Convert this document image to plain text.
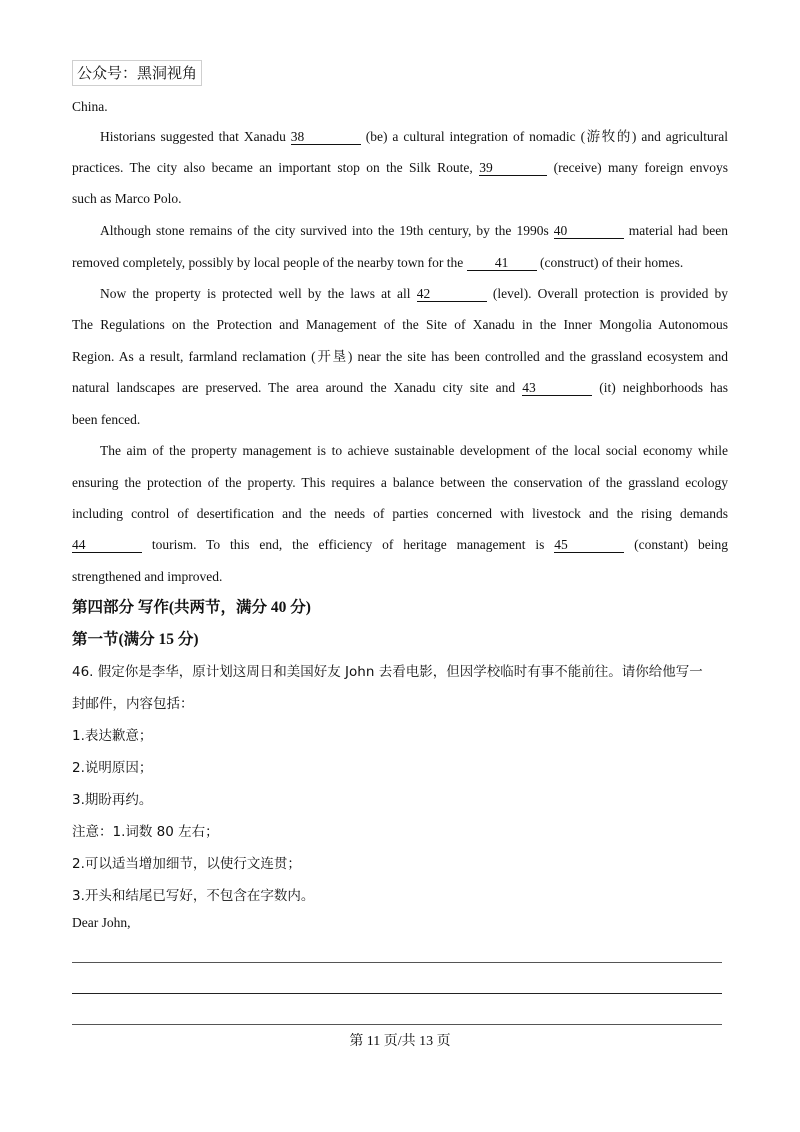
公众号：黑洞视角
China.
Historians suggested that Xanadu 38	(be) a cultural integration of nomadic (游牧的) and agricultural
practices. The city also became an important stop on the Silk Route, 39	(receive) many foreign envoys
such as Marco Polo.
Although stone remains of the city survived into the 19th century, by the 1990s 40	material had been
removed completely, possibly by local people of the nearby town for the 41 (construct) of their homes.
Now the property is protected well by the laws at all 42	(level). Overall protection is provided by
The Regulations on the Protection and Management of the Site of Xanadu in the Inner Mongolia Autonomous
Region. As a result, farmland reclamation (开垦) near the site has been controlled and the grassland ecosystem and
natural landscapes are preserved. The area around the Xanadu city site and 43	(it) neighborhoods has
been fenced.
The aim of the property management is to achieve sustainable development of the local social economy while
ensuring the protection of the property. This requires a balance between the conservation of the grassland ecology
including control of desertification and the needs of parties concerned with livestock and the rising demands
44	tourism. To this end, the efficiency of heritage management is 45	(constant) being
strengthened and improved.
第四部分 写作(共两节，满分 40 分)
第一节(满分 15 分)
46. 假定你是李华，原计划这周日和美国好友 John 去看电影，但因学校临时有事不能前往。请你给他写一
封邮件，内容包括：
1.表达歉意；
2.说明原因；
3.期盼再约。
注意：1.词数 80 左右；
2.可以适当增加细节，以使行文连贯；
3.开头和结尾已写好，不包含在字数内。
Dear John,
第 11 页/共 13 页
